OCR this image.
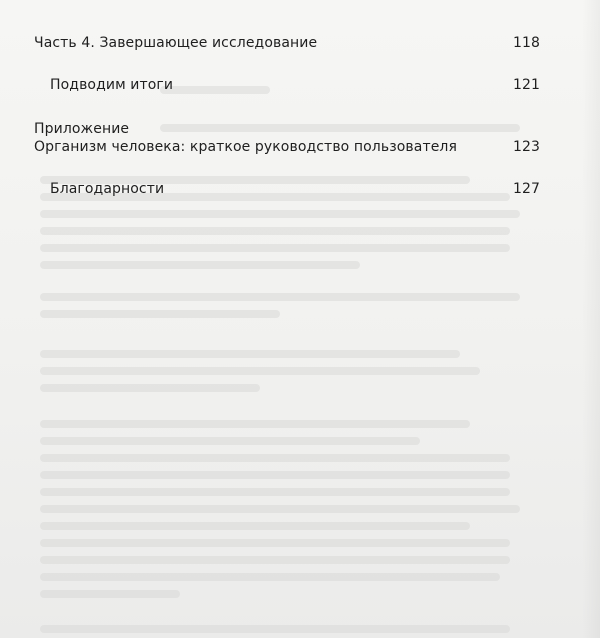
Часть 4. Завершающее исследование	118
Подводим итоги	121
Приложение
Организм человека: краткое руководство пользователя	123
Благодарности	127
